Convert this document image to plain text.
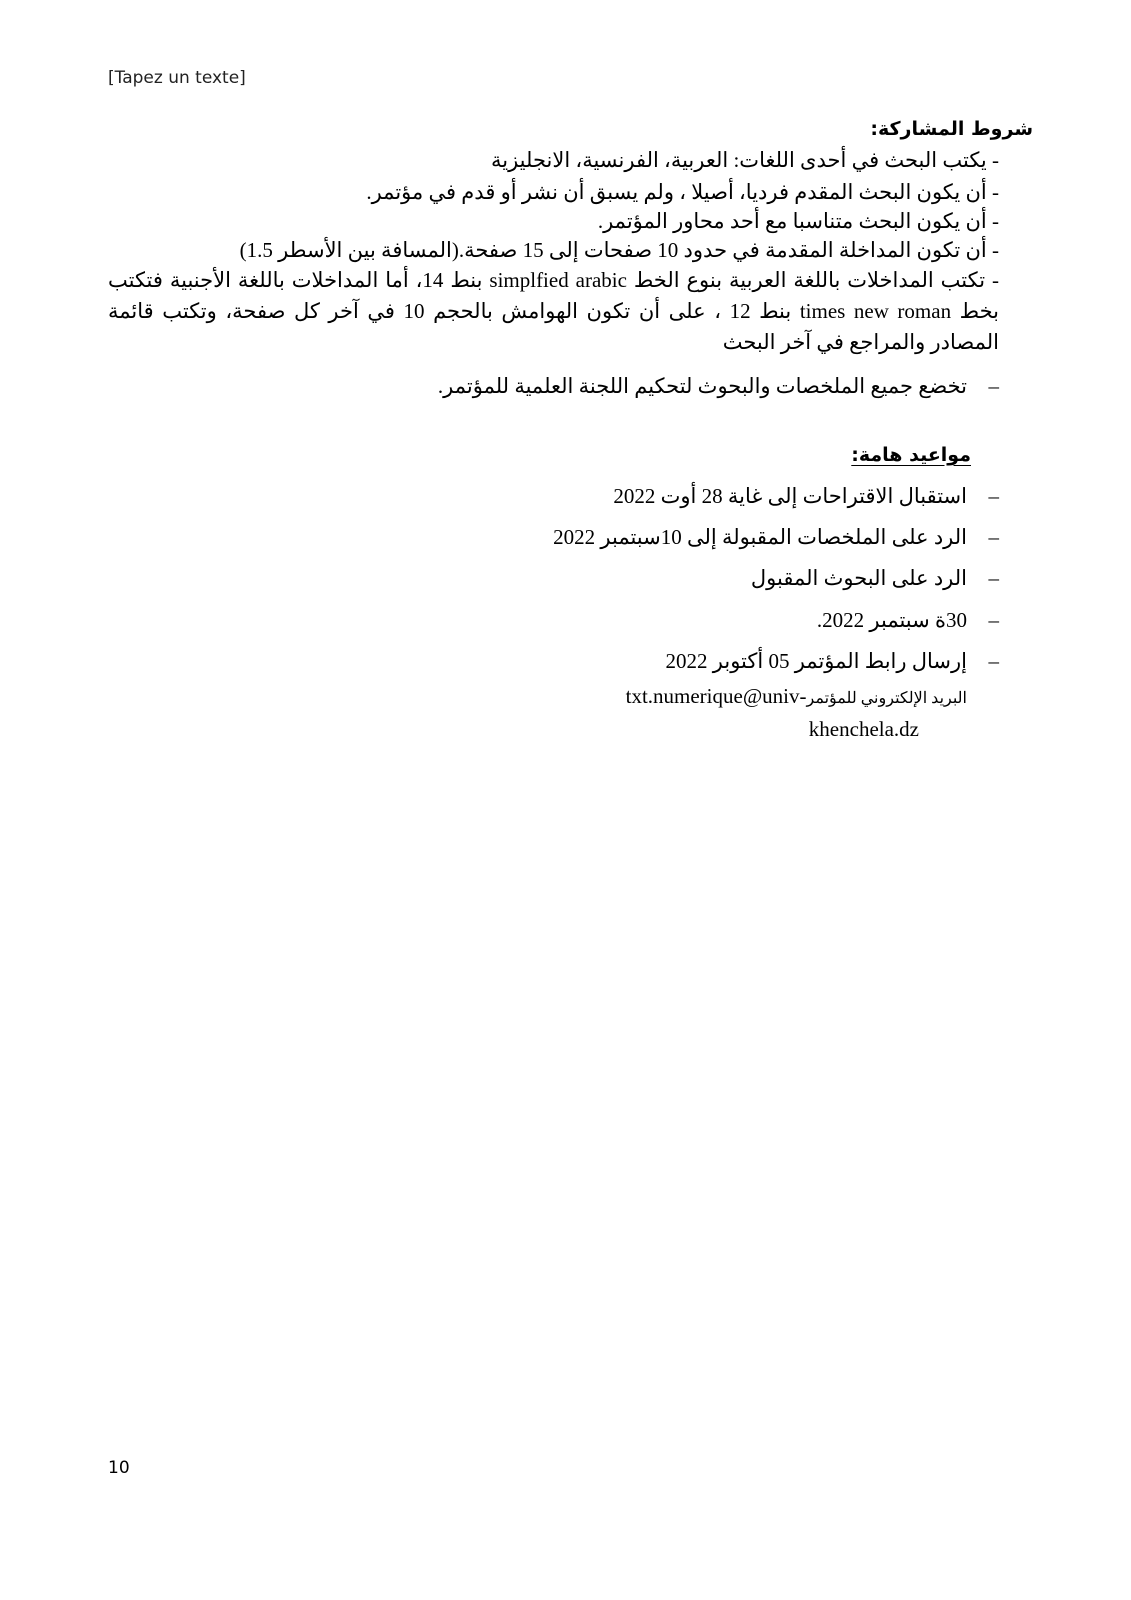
[Tapez un texte]
شروط المشاركة:
- يكتب البحث في أحدى اللغات: العربية، الفرنسية، الانجليزية
- أن يكون البحث المقدم فرديا، أصيلا ، ولم يسبق أن نشر أو قدم في مؤتمر.
- أن يكون البحث متناسبا مع أحد محاور المؤتمر.
- أن تكون المداخلة المقدمة في حدود 10 صفحات إلى 15 صفحة.(المسافة بين الأسطر 1.5)
- تكتب المداخلات باللغة العربية بنوع الخط simplfied arabic بنط 14، أما المداخلات باللغة الأجنبية فتكتب بخط times new roman بنط 12 ، على أن تكون الهوامش بالحجم 10 في آخر كل صفحة، وتكتب قائمة المصادر والمراجع في آخر البحث
–
تخضع جميع الملخصات والبحوث لتحكيم اللجنة العلمية للمؤتمر.
مواعيد هامة:
–
استقبال الاقتراحات إلى غاية 28 أوت 2022
–
الرد على الملخصات المقبولة إلى 10سبتمبر 2022
–
الرد على البحوث المقبول
–
30ة سبتمبر 2022.
–
إرسال رابط المؤتمر 05 أكتوبر 2022
البريد الإلكتروني للمؤتمرtxt.numerique@univ-
khenchela.dz
10
